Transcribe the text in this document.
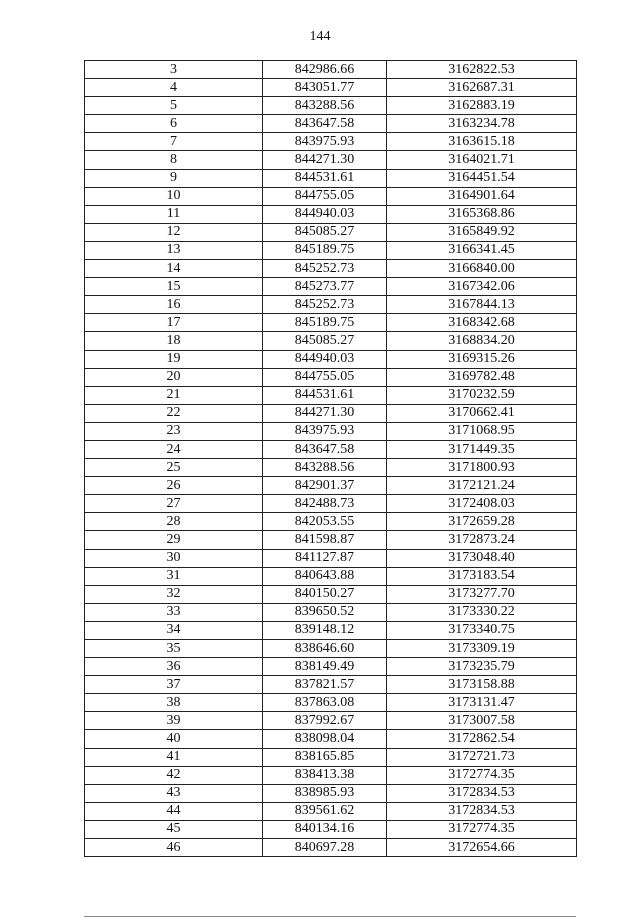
144
3	842986.66	3162822.53
4	843051.77	3162687.31
5	843288.56	3162883.19
6	843647.58	3163234.78
7	843975.93	3163615.18
8	844271.30	3164021.71
9	844531.61	3164451.54
10	844755.05	3164901.64
11	844940.03	3165368.86
12	845085.27	3165849.92
13	845189.75	3166341.45
14	845252.73	3166840.00
15	845273.77	3167342.06
16	845252.73	3167844.13
17	845189.75	3168342.68
18	845085.27	3168834.20
19	844940.03	3169315.26
20	844755.05	3169782.48
21	844531.61	3170232.59
22	844271.30	3170662.41
23	843975.93	3171068.95
24	843647.58	3171449.35
25	843288.56	3171800.93
26	842901.37	3172121.24
27	842488.73	3172408.03
28	842053.55	3172659.28
29	841598.87	3172873.24
30	841127.87	3173048.40
31	840643.88	3173183.54
32	840150.27	3173277.70
33	839650.52	3173330.22
34	839148.12	3173340.75
35	838646.60	3173309.19
36	838149.49	3173235.79
37	837821.57	3173158.88
38	837863.08	3173131.47
39	837992.67	3173007.58
40	838098.04	3172862.54
41	838165.85	3172721.73
42	838413.38	3172774.35
43	838985.93	3172834.53
44	839561.62	3172834.53
45	840134.16	3172774.35
46	840697.28	3172654.66
